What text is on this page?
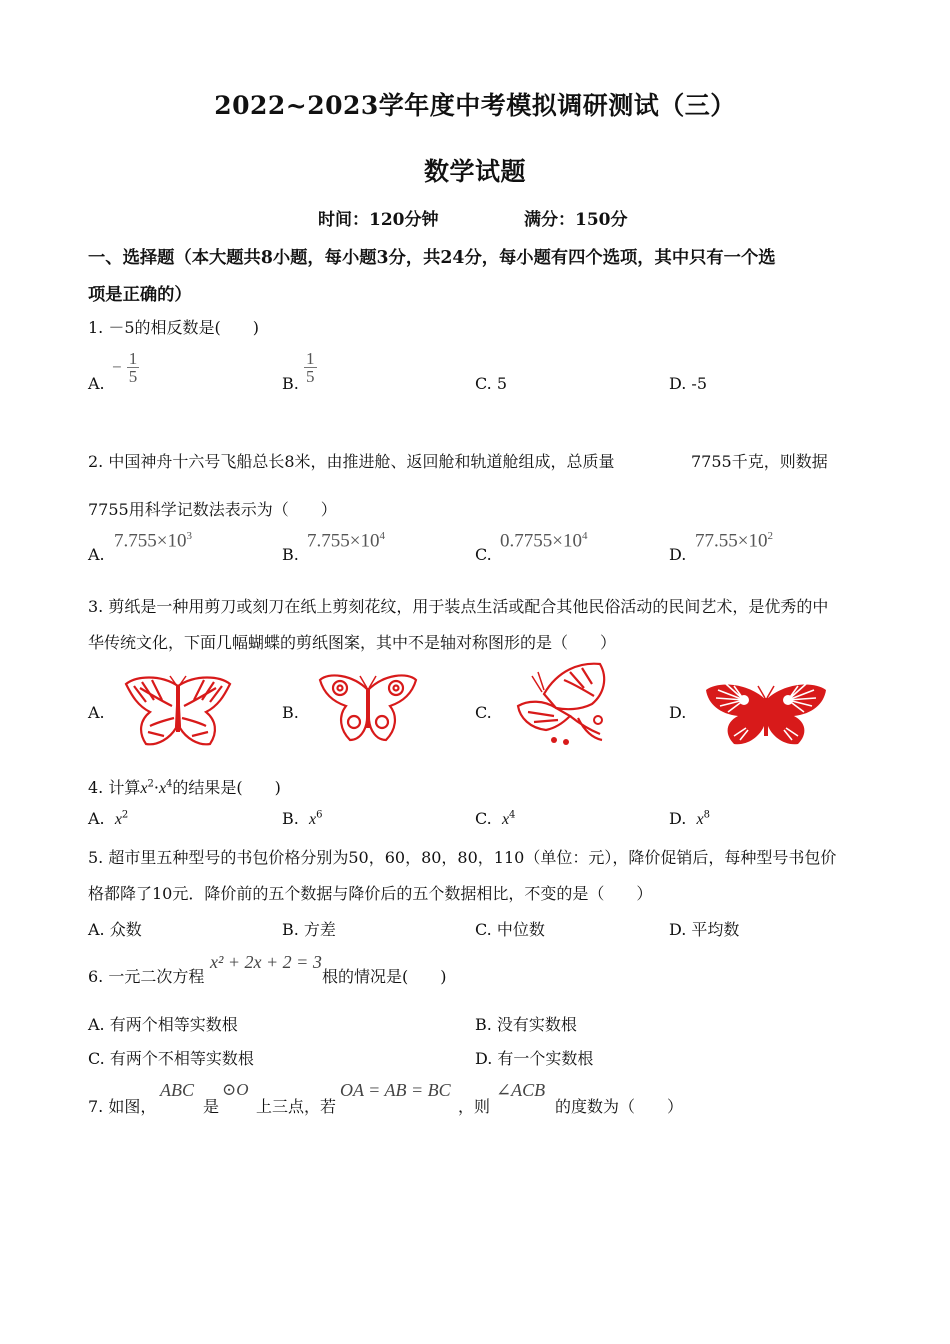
2022~2023学年度中考模拟调研测试（三）
数学试题
时间：120分钟	满分：150分
一、选择题（本大题共8小题，每小题3分，共24分，每小题有四个选项，其中只有一个选
项是正确的）
1. －5的相反数是(　　)
A.
− $\frac{1}{5}$	B. $\frac{1}{5}$	C. 5	D. -5
2. 中国神舟十六号飞船总长8米，由推进舱、返回舱和轨道舱组成，总质量	7755千克，则数据
7755用科学记数法表示为（　　）
A.
$7.755\times 10^3$
B.
$7.755\times 10^4$
C.
$0.7755\times 10^4$
D.
$77.55\times 10^2$
3. 剪纸是一种用剪刀或刻刀在纸上剪刻花纹，用于装点生活或配合其他民俗活动的民间艺术，是优秀的中
华传统文化，下面几幅蝴蝶的剪纸图案，其中不是轴对称图形的是（　　）
A.	B.	C.	D.
4. 计算$x^2\cdot x^4$的结果是(　　)
A. $x^2$	B. $x^6$	C. $x^4$	D. $x^8$
5. 超市里五种型号的书包价格分别为50，60，80，80，110（单位：元），降价促销后，每种型号书包价
格都降了10元．降价前的五个数据与降价后的五个数据相比，不变的是（　　）
A. 众数	B. 方差	C. 中位数	D. 平均数
6. 一元二次方程
x² + 2x + 2 = 3
根的情况是(　　)
A. 有两个相等实数根	B. 没有实数根
C. 有两个不相等实数根	D. 有一个实数根
7. 如图，
ABC
是
⊙O
上三点，若
OA = AB = BC
，则
∠ACB
的度数为（　　）
